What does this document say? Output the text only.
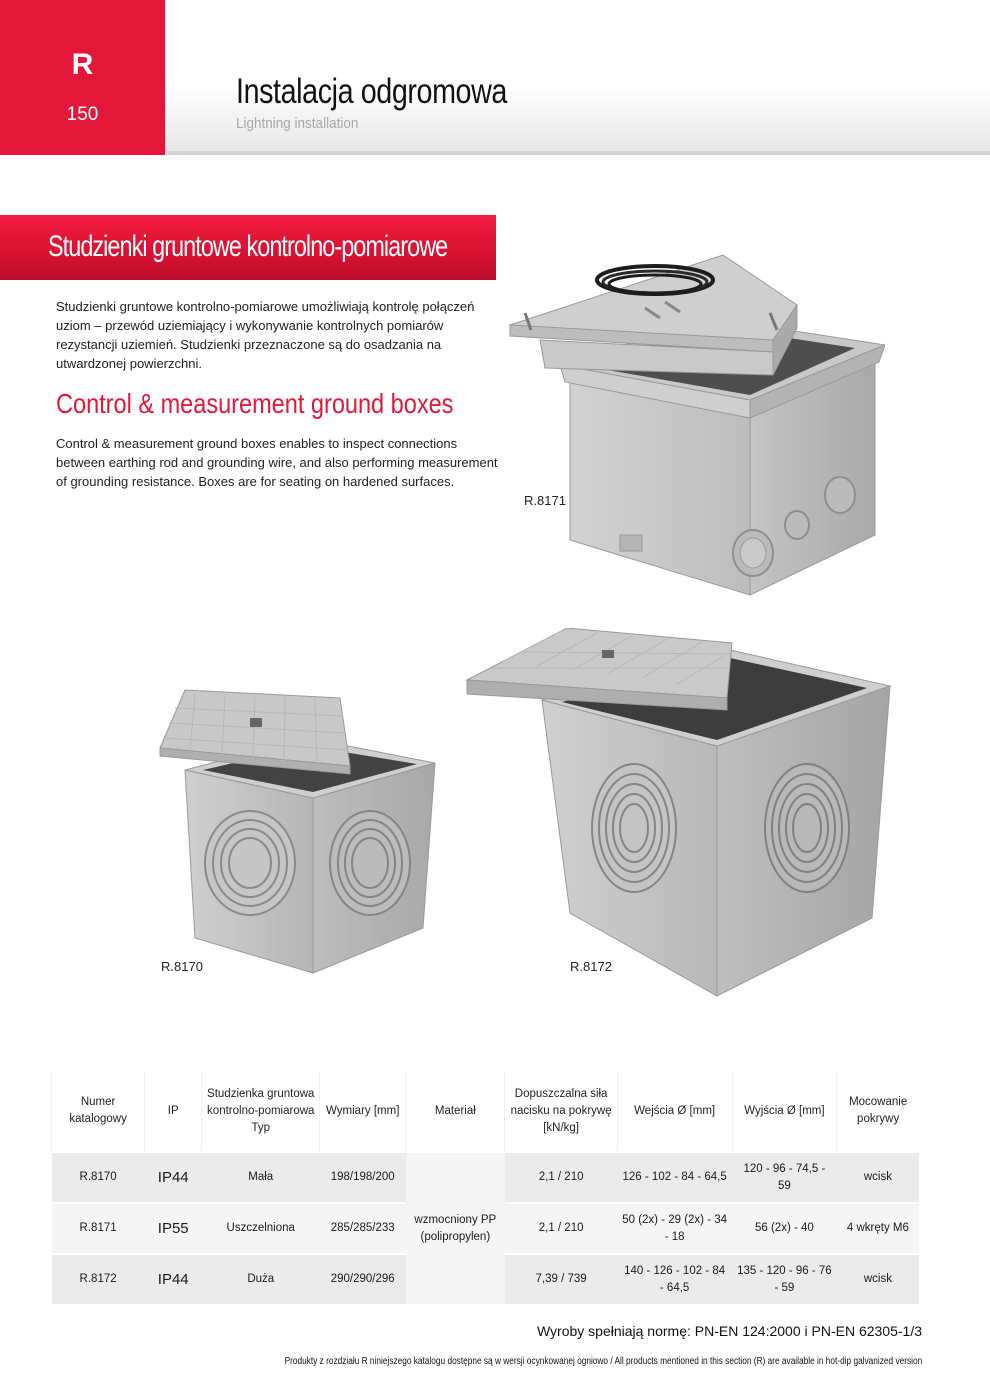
R
150
Instalacja odgromowa
Lightning installation
Studzienki gruntowe kontrolno-pomiarowe
Studzienki gruntowe kontrolno-pomiarowe umożliwiają kontrolę połączeń uziom – przewód uziemiający i wykonywanie kontrolnych pomiarów rezystancji uziemień. Studzienki przeznaczone są do osadzania na utwardzonej powierzchni.
Control & measurement ground boxes
Control & measurement ground boxes enables to inspect connections between earthing rod and grounding wire, and also performing measurement of grounding resistance. Boxes are for seating on hardened surfaces.
R.8171
R.8170	R.8172
Numer katalogowy	IP	Studzienka gruntowa kontrolno-pomiarowa Typ	Wymiary [mm]	Materiał	Dopuszczalna siła nacisku na pokrywę [kN/kg]	Wejścia Ø [mm]	Wyjścia Ø [mm]	Mocowanie pokrywy
R.8170	IP44	Mała	198/198/200	wzmocniony PP (polipropylen)	2,1 / 210	126 - 102 - 84 - 64,5	120 - 96 - 74,5 - 59	wcisk
R.8171	IP55	Uszczelniona	285/285/233		2,1 / 210	50 (2x) - 29 (2x) - 34 - 18	56 (2x) - 40	4 wkręty M6
R.8172	IP44	Duża	290/290/296		7,39 / 739	140 - 126 - 102 - 84 - 64,5	135 - 120 - 96 - 76 - 59	wcisk
Wyroby spełniają normę: PN-EN 124:2000 i PN-EN 62305-1/3
Produkty z rozdziału R niniejszego katalogu dostępne są w wersji ocynkowanej ogniowo / All products mentioned in this section (R) are available in hot-dip galvanized version
